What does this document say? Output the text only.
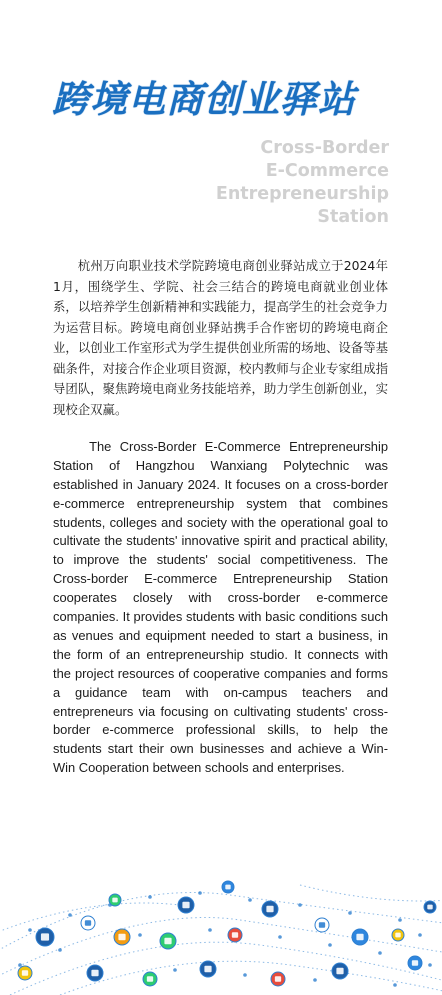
跨境电商创业驿站
Cross-Border
E-Commerce
Entrepreneurship
Station

杭州万向职业技术学院跨境电商创业驿站成立于2024年1月，围绕学生、学院、社会三结合的跨境电商就业创业体系，以培养学生创新精神和实践能力，提高学生的社会竞争力为运营目标。跨境电商创业驿站携手合作密切的跨境电商企业，以创业工作室形式为学生提供创业所需的场地、设备等基础条件，对接合作企业项目资源，校内教师与企业专家组成指导团队，聚焦跨境电商业务技能培养，助力学生创新创业，实现校企双赢。

The Cross-Border E-Commerce Entrepreneurship Station of Hangzhou Wanxiang Polytechnic was established in January 2024. It focuses on a cross-border e-commerce entrepreneurship system that combines students, colleges and society with the operational goal to cultivate the students' innovative spirit and practical ability, to improve the students' social competitiveness. The Cross-border E-commerce Entrepreneurship Station cooperates closely with cross-border e-commerce companies. It provides students with basic conditions such as venues and equipment needed to start a business, in the form of an entrepreneurship studio. It connects with the project resources of cooperative companies and forms a guidance team with on-campus teachers and entrepreneurs via focusing on cultivating students' cross-border e-commerce professional skills, to help the students start their own businesses and achieve a Win-Win Cooperation between schools and enterprises.
